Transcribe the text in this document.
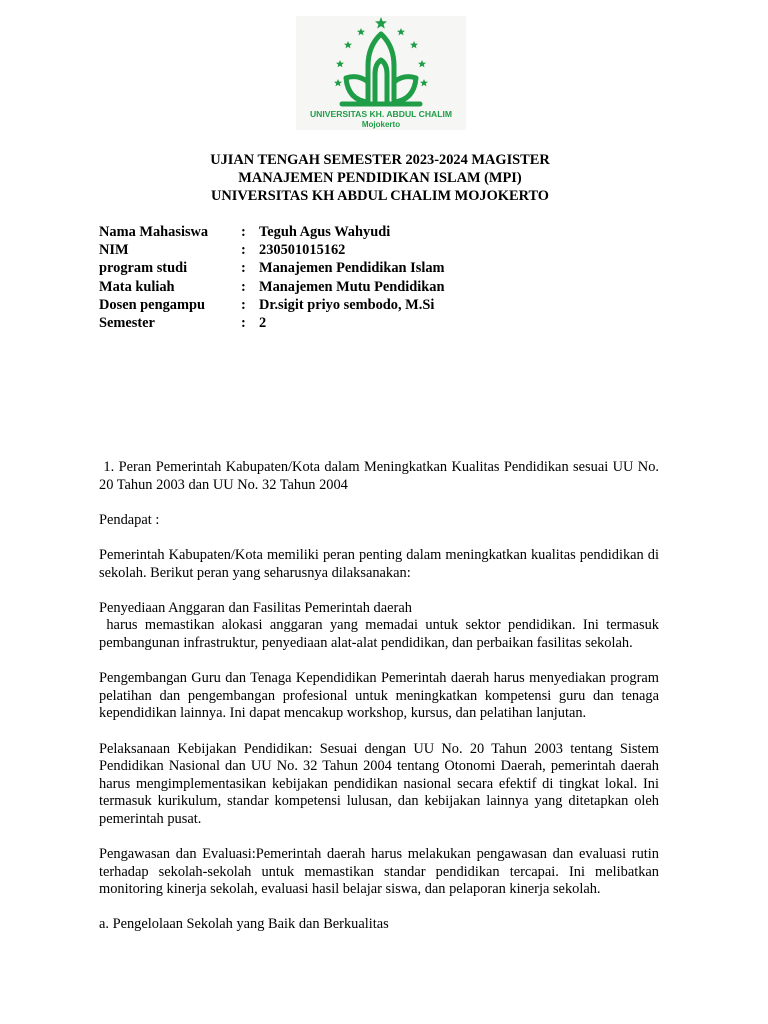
UNIVERSITAS KH. ABDUL CHALIM
Mojokerto
UJIAN TENGAH SEMESTER 2023-2024 MAGISTER
MANAJEMEN PENDIDIKAN ISLAM (MPI)
UNIVERSITAS KH ABDUL CHALIM MOJOKERTO
Nama Mahasiswa : Teguh Agus Wahyudi
NIM	: 230501015162
program studi	: Manajemen Pendidikan Islam
Mata kuliah	: Manajemen Mutu Pendidikan
Dosen pengampu	: Dr.sigit priyo sembodo, M.Si
Semester	: 2

1. Peran Pemerintah Kabupaten/Kota dalam Meningkatkan Kualitas Pendidikan sesuai UU No. 20 Tahun 2003 dan UU No. 32 Tahun 2004

Pendapat :

Pemerintah Kabupaten/Kota memiliki peran penting dalam meningkatkan kualitas pendidikan di sekolah. Berikut peran yang seharusnya dilaksanakan:

Penyediaan Anggaran dan Fasilitas Pemerintah daerah
harus memastikan alokasi anggaran yang memadai untuk sektor pendidikan. Ini termasuk pembangunan infrastruktur, penyediaan alat-alat pendidikan, dan perbaikan fasilitas sekolah.

Pengembangan Guru dan Tenaga Kependidikan Pemerintah daerah harus menyediakan program pelatihan dan pengembangan profesional untuk meningkatkan kompetensi guru dan tenaga kependidikan lainnya. Ini dapat mencakup workshop, kursus, dan pelatihan lanjutan.

Pelaksanaan Kebijakan Pendidikan: Sesuai dengan UU No. 20 Tahun 2003 tentang Sistem Pendidikan Nasional dan UU No. 32 Tahun 2004 tentang Otonomi Daerah, pemerintah daerah harus mengimplementasikan kebijakan pendidikan nasional secara efektif di tingkat lokal. Ini termasuk kurikulum, standar kompetensi lulusan, dan kebijakan lainnya yang ditetapkan oleh pemerintah pusat.

Pengawasan dan Evaluasi:Pemerintah daerah harus melakukan pengawasan dan evaluasi rutin terhadap sekolah-sekolah untuk memastikan standar pendidikan tercapai. Ini melibatkan monitoring kinerja sekolah, evaluasi hasil belajar siswa, dan pelaporan kinerja sekolah.

a. Pengelolaan Sekolah yang Baik dan Berkualitas
